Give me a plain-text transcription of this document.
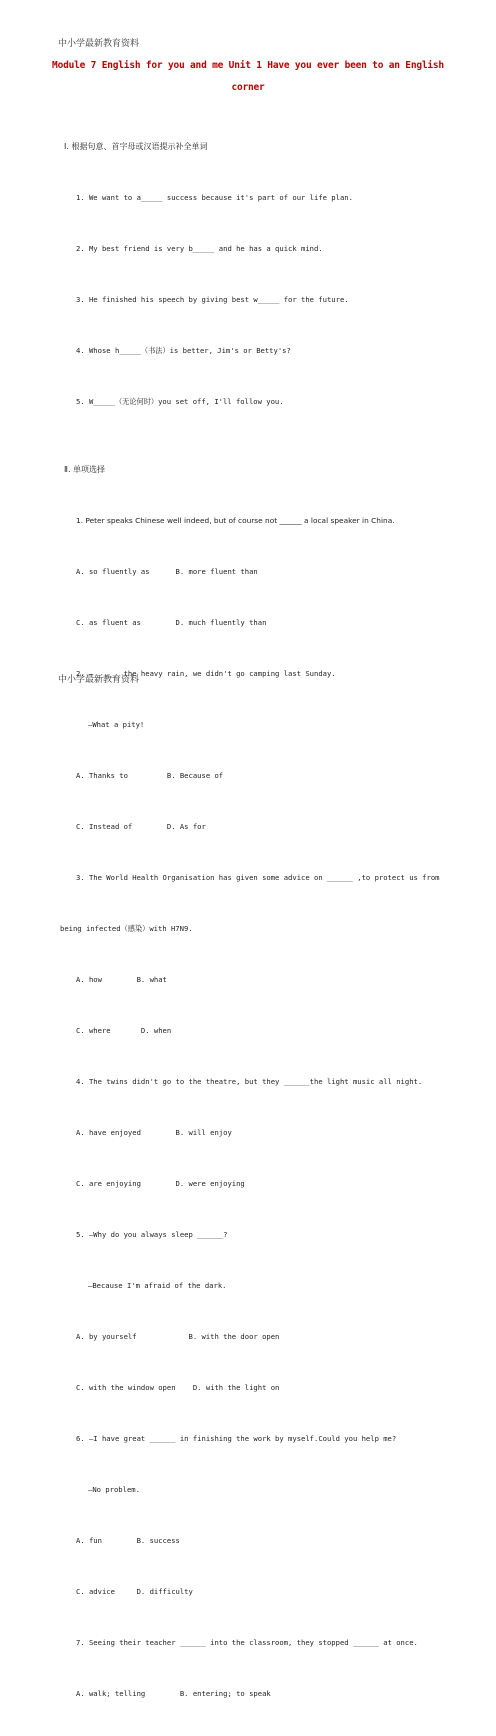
中小学最新教育资料
Module 7 English for you and me Unit 1 Have you ever been to an English
corner

Ⅰ. 根据句意、首字母或汉语提示补全单词

1. We want to a_____ success because it's part of our life plan.

2. My best friend is very b_____ and he has a quick mind.

3. He finished his speech by giving best w_____ for the future.

4. Whose h_____（书法）is better, Jim's or Betty's?

5. W_____（无论何时）you set off, I'll follow you.

Ⅱ. 单项选择

1. Peter speaks Chinese well indeed, but of course not ______ a local speaker in China.

A. so fluently as      B. more fluent than

C. as fluent as        D. much fluently than

2. —______ the heavy rain, we didn't go camping last Sunday.

—What a pity!

A. Thanks to         B. Because of

C. Instead of        D. As for

3. The World Health Organisation has given some advice on ______ ,to protect us from

being infected（感染）with H7N9.

A. how        B. what

C. where       D. when

4. The twins didn't go to the theatre, but they ______the light music all night.

A. have enjoyed        B. will enjoy

C. are enjoying        D. were enjoying

5. —Why do you always sleep ______?

—Because I'm afraid of the dark.

A. by yourself            B. with the door open

C. with the window open    D. with the light on

6. —I have great ______ in finishing the work by myself.Could you help me?

—No problem.

A. fun        B. success

C. advice     D. difficulty

7. Seeing their teacher ______ into the classroom, they stopped ______ at once.

A. walk; telling        B. entering; to speak

中小学最新教育资料
